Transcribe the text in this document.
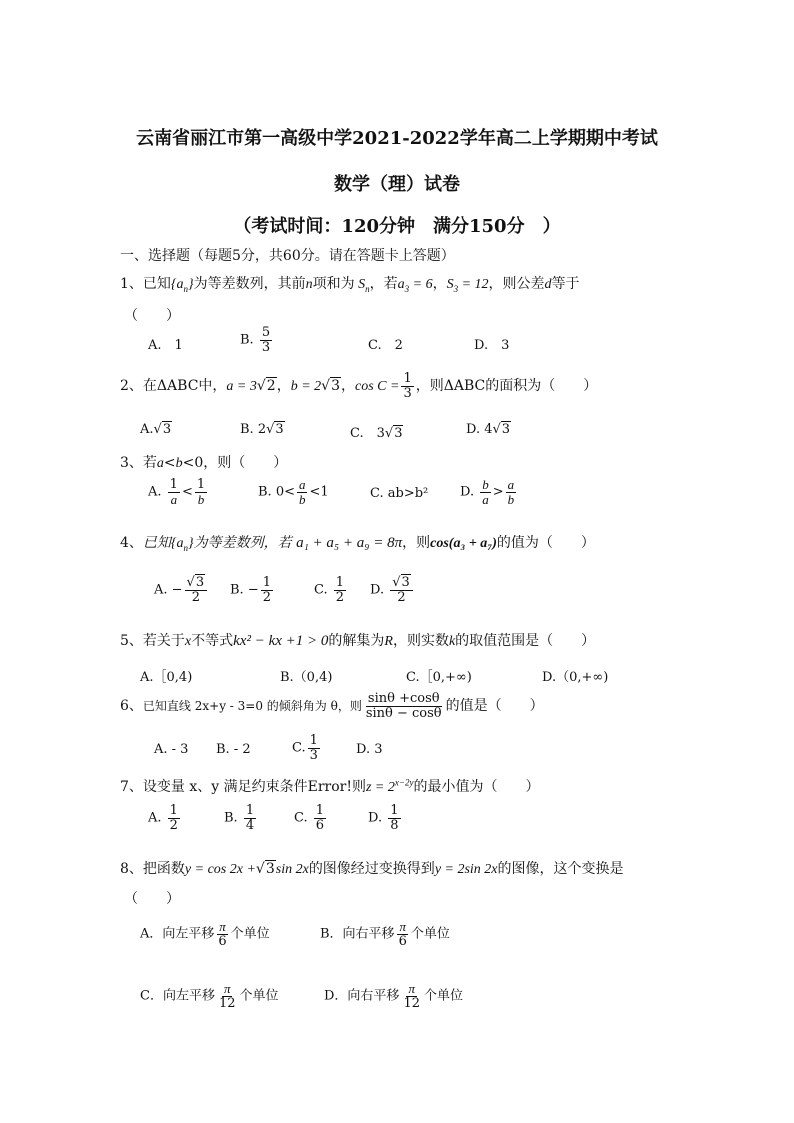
云南省丽江市第一高级中学2021-2022学年高二上学期期中考试
数学（理）试卷
（考试时间：120分钟　满分150分　）
一、选择题（每题5分，共60分。请在答题卡上答题）
1、已知$\{a_n\}$为等差数列，其前n项和为 $S_n$，若$a_3 = 6$，$S_3 = 12$，则公差d等于
（　　）
A.　1	B. $\frac{5}{3}$	C.　2	D.　3
2、在ΔABC中，a = 3√2，b = 2√3，$\cos C = \frac{1}{3}$ ，则ΔABC的面积为（　　）
A.√3	B. 2√3	C.　3√3	D. 4√3
3、若a<b<0，则（　　）
A. $\frac{1}{a} < \frac{1}{b}$	B. $0< \frac{a}{b} <1$	C. ab>b² D. $\frac{b}{a} > \frac{a}{b}$
4、已知$\{a_n\}$为等差数列，若 a₁ + a₅ + a₉ = 8π，则cos(a₃ + a₇)的值为（　　）
A. − $\frac{√3}{2} B$. − $\frac{1}{2}$	C. $\frac{1}{2} D$. $\frac{√3}{2}$
5、若关于x不等式kx² − kx +1 > 0的解集为R，则实数k的取值范围是（　　）
A.［0,4)	B.（0,4)	C.［0,+∞)	D.（0,+∞)
6、已知直线 2x+y - 3=0 的倾斜角为 θ，则 $\frac{\sin\theta +\cos\theta}{\sin\theta - \cos\theta}$ 的值是（　　）
A. - 3 B. - 2	C. $\frac{1}{3}$	D. 3
7、设变量 x、y 满足约束条件Error!则$z = 2^{x-2y}$的最小值为（　　）
A. $\frac{1}{2}$	B. $\frac{1}{4}$	C. $\frac{1}{6}$	D. $\frac{1}{8}$
8、把函数y = cos 2x +√3sin 2x的图像经过变换得到y = 2sin 2x的图像，这个变换是
（　　）
A．向左平移 $\frac{\pi}{6}$ 个单位	B．向右平移 $\frac{\pi}{6}$ 个单位
C．向左平移 $\frac{\pi}{12}$ 个单位	D．向右平移 $\frac{\pi}{12}$ 个单位
